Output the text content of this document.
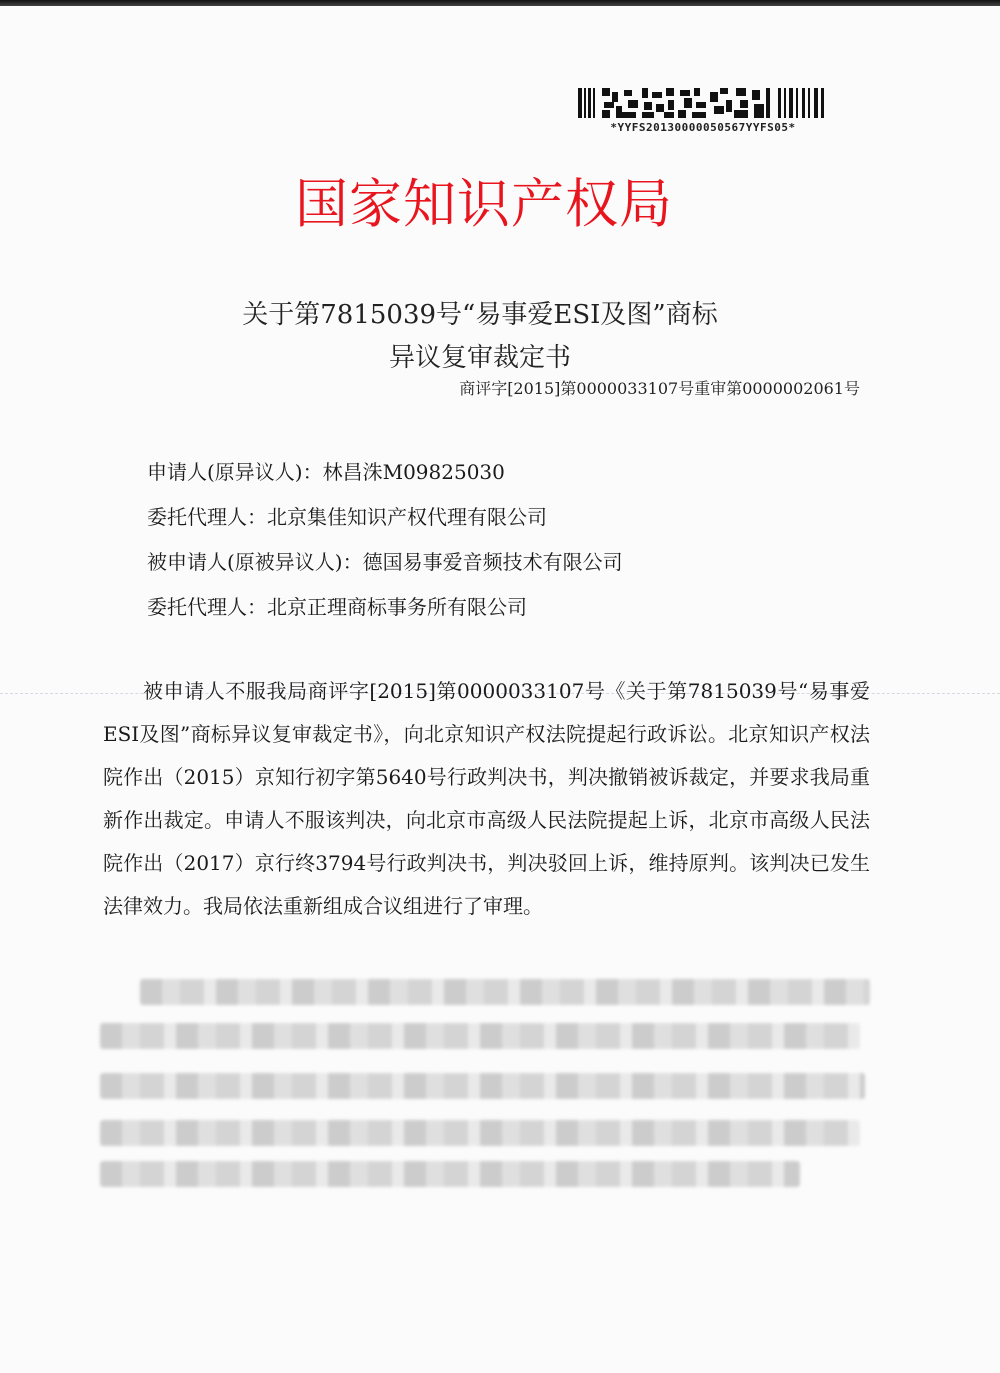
*YYFS20130000050567YYFS05*
国家知识产权局
关于第7815039号“易事爱ESI及图”商标
异议复审裁定书
商评字[2015]第0000033107号重审第0000002061号
申请人(原异议人)：林昌洙M09825030
委托代理人：北京集佳知识产权代理有限公司
被申请人(原被异议人)：德国易事爱音频技术有限公司
委托代理人：北京正理商标事务所有限公司

被申请人不服我局商评字[2015]第0000033107号《关于第7815039号“易事爱ESI及图”商标异议复审裁定书》，向北京知识产权法院提起行政诉讼。北京知识产权法院作出（2015）京知行初字第5640号行政判决书，判决撤销被诉裁定，并要求我局重新作出裁定。申请人不服该判决，向北京市高级人民法院提起上诉，北京市高级人民法院作出（2017）京行终3794号行政判决书，判决驳回上诉，维持原判。该判决已发生法律效力。我局依法重新组成合议组进行了审理。
